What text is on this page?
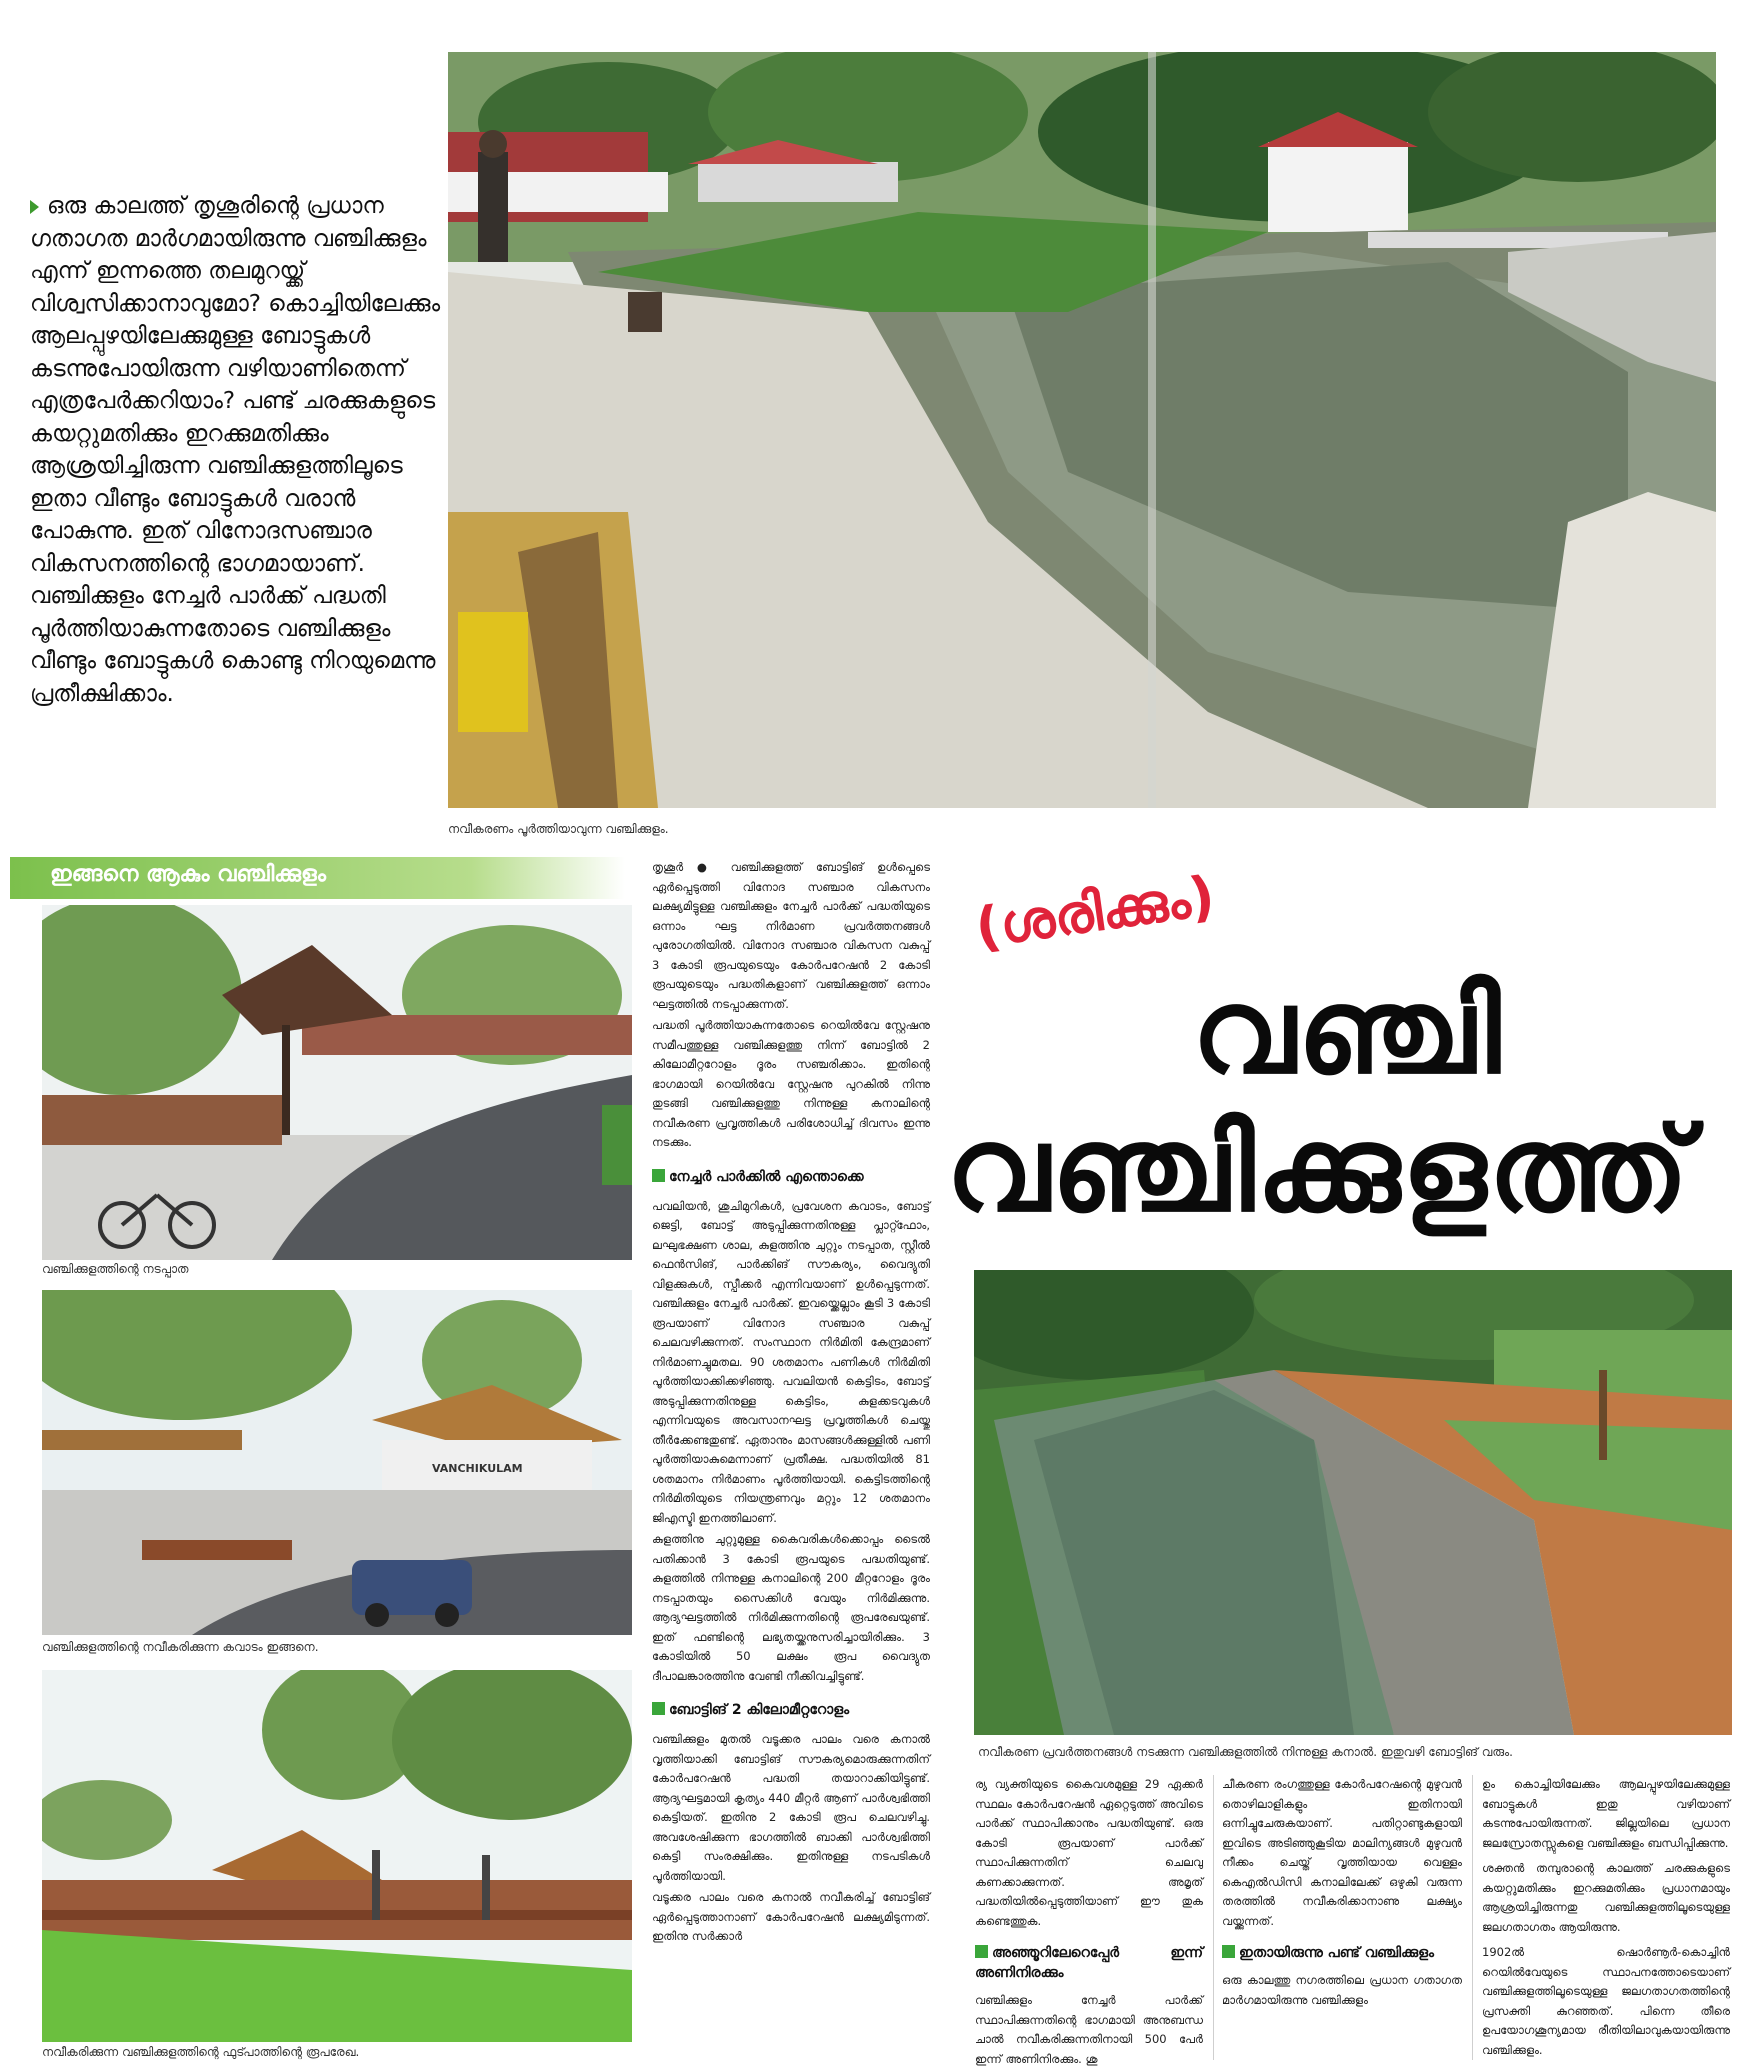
ഒരു കാലത്ത് തൃശൂരിന്റെ പ്രധാന ഗതാഗത മാർഗമായിരുന്നു വഞ്ചിക്കുളം എന്ന് ഇന്നത്തെ തലമുറയ്ക്ക് വിശ്വസിക്കാനാവുമോ? കൊച്ചിയിലേക്കും ആലപ്പുഴയിലേക്കുമുള്ള ബോട്ടുകൾ കടന്നുപോയിരുന്ന വഴിയാണിതെന്ന് എത്രപേർക്കറിയാം? പണ്ട് ചരക്കുകളുടെ കയറ്റുമതിക്കും ഇറക്കുമതിക്കും ആശ്രയിച്ചിരുന്ന വഞ്ചിക്കുളത്തിലൂടെ ഇതാ വീണ്ടും ബോട്ടുകൾ വരാൻ പോകുന്നു. ഇത് വിനോദസഞ്ചാര വികസനത്തിന്റെ ഭാഗമായാണ്. വഞ്ചിക്കുളം നേച്ചർ പാർക്ക് പദ്ധതി പൂർത്തിയാകുന്നതോടെ വഞ്ചിക്കുളം വീണ്ടും ബോട്ടുകൾ കൊണ്ടു നിറയുമെന്നു പ്രതീക്ഷിക്കാം.
നവീകരണം പൂർത്തിയാവുന്ന വഞ്ചിക്കുളം.
ഇങ്ങനെ ആകും വഞ്ചിക്കുളം
വഞ്ചിക്കുളത്തിന്റെ നടപ്പാത
VANCHIKULAM
വഞ്ചിക്കുളത്തിന്റെ നവീകരിക്കുന്ന കവാടം ഇങ്ങനെ.
നവീകരിക്കുന്ന വഞ്ചിക്കുളത്തിന്റെ ഫുട്പാത്തിന്റെ രൂപരേഖ.

തൃശൂർ ● വഞ്ചിക്കുളത്ത് ബോട്ടിങ് ഉൾപ്പെടെ ഏർപ്പെടുത്തി വിനോദ സഞ്ചാര വികസനം ലക്ഷ്യമിട്ടുള്ള വഞ്ചിക്കുളം നേച്ചർ പാർക്ക് പദ്ധതിയുടെ ഒന്നാം ഘട്ട നിർമാണ പ്രവർത്തനങ്ങൾ പുരോഗതിയിൽ. വിനോദ സഞ്ചാര വികസന വകുപ്പ് 3 കോടി രൂപയുടെയും കോർപറേഷൻ 2 കോടി രൂപയുടെയും പദ്ധതികളാണ് വഞ്ചിക്കുളത്ത് ഒന്നാം ഘട്ടത്തിൽ നടപ്പാക്കുന്നത്.

പദ്ധതി പൂർത്തിയാകുന്നതോടെ റെയിൽവേ സ്റ്റേഷനു സമീപത്തുള്ള വഞ്ചിക്കുളത്തു നിന്ന് ബോട്ടിൽ 2 കിലോമീറ്ററോളം ദൂരം സഞ്ചരിക്കാം. ഇതിന്റെ ഭാഗമായി റെയിൽവേ സ്റ്റേഷനു പുറകിൽ നിന്നു തുടങ്ങി വഞ്ചിക്കുളത്തു നിന്നുള്ള കനാലിന്റെ നവീകരണ പ്രവൃത്തികൾ പരിശോധിച്ച് ദിവസം ഇന്നു നടക്കും.

നേച്ചർ പാർക്കിൽ എന്തൊക്കെ

പവലിയൻ, ശുചിമുറികൾ, പ്രവേശന കവാടം, ബോട്ട് ജെട്ടി, ബോട്ട് അടുപ്പിക്കുന്നതിനുള്ള പ്ലാറ്റ്ഫോം, ലഘുഭക്ഷണ ശാല, കുളത്തിനു ചുറ്റും നടപ്പാത, സ്റ്റീൽ ഫെൻസിങ്, പാർക്കിങ് സൗകര്യം, വൈദ്യുതി വിളക്കുകൾ, സ്പീക്കർ എന്നിവയാണ് ഉൾപ്പെടുന്നത്. വഞ്ചിക്കുളം നേച്ചർ പാർക്ക്. ഇവയ്ക്കെല്ലാം കൂടി 3 കോടി രൂപയാണ് വിനോദ സഞ്ചാര വകുപ്പ് ചെലവഴിക്കുന്നത്. സംസ്ഥാന നിർമിതി കേന്ദ്രമാണ് നിർമാണച്ചുമതല. 90 ശതമാനം പണികൾ നിർമിതി പൂർത്തിയാക്കിക്കഴിഞ്ഞു. പവലിയൻ കെട്ടിടം, ബോട്ട് അടുപ്പിക്കുന്നതിനുള്ള കെട്ടിടം, കുളക്കടവുകൾ എന്നിവയുടെ അവസാനഘട്ട പ്രവൃത്തികൾ ചെയ്തു തീർക്കേണ്ടതുണ്ട്. ഏതാനും മാസങ്ങൾക്കുള്ളിൽ പണി പൂർത്തിയാകുമെന്നാണ് പ്രതീക്ഷ. പദ്ധതിയിൽ 81 ശതമാനം നിർമാണം പൂർത്തിയായി. കെട്ടിടത്തിന്റെ നിർമിതിയുടെ നിയന്ത്രണവും മറ്റും 12 ശതമാനം ജിഎസ്ടി ഇനത്തിലാണ്.

കുളത്തിനു ചുറ്റുമുള്ള കൈവരികൾക്കൊപ്പം ടൈൽ പതിക്കാൻ 3 കോടി രൂപയുടെ പദ്ധതിയുണ്ട്. കുളത്തിൽ നിന്നുള്ള കനാലിന്റെ 200 മീറ്ററോളം ദൂരം നടപ്പാതയും സൈക്കിൾ വേയും നിർമിക്കുന്നു. ആദ്യഘട്ടത്തിൽ നിർമിക്കുന്നതിന്റെ രൂപരേഖയുണ്ട്. ഇത് ഫണ്ടിന്റെ ലഭ്യതയ്ക്കനുസരിച്ചായിരിക്കും. 3 കോടിയിൽ 50 ലക്ഷം രൂപ വൈദ്യുത ദീപാലങ്കാരത്തിനു വേണ്ടി നീക്കിവച്ചിട്ടുണ്ട്.

ബോട്ടിങ് 2 കിലോമീറ്ററോളം

വഞ്ചിക്കുളം മുതൽ വടൂക്കര പാലം വരെ കനാൽ വൃത്തിയാക്കി ബോട്ടിങ് സൗകര്യമൊരുക്കുന്നതിന് കോർപറേഷൻ പദ്ധതി തയാറാക്കിയിട്ടുണ്ട്. ആദ്യഘട്ടമായി കൃത്യം 440 മീറ്റർ ആണ് പാർശ്വഭിത്തി കെട്ടിയത്. ഇതിനു 2 കോടി രൂപ ചെലവഴിച്ചു. അവശേഷിക്കുന്ന ഭാഗത്തിൽ ബാക്കി പാർശ്വഭിത്തി കെട്ടി സംരക്ഷിക്കും. ഇതിനുള്ള നടപടികൾ പൂർത്തിയായി.

വടൂക്കര പാലം വരെ കനാൽ നവീകരിച്ച് ബോട്ടിങ് ഏർപ്പെടുത്താനാണ് കോർപറേഷൻ ലക്ഷ്യമിടുന്നത്. ഇതിനു സർക്കാർ

(ശരിക്കും)
വഞ്ചി
വഞ്ചിക്കുളത്ത്
നവീകരണ പ്രവർത്തനങ്ങൾ നടക്കുന്ന വഞ്ചിക്കുളത്തിൽ നിന്നുള്ള കനാൽ. ഇതുവഴി ബോട്ടിങ് വരും.

ര്യ വ്യക്തിയുടെ കൈവശമുള്ള 29 ഏക്കർ സ്ഥലം കോർപറേഷൻ ഏറ്റെടുത്ത് അവിടെ പാർക്ക് സ്ഥാപിക്കാനും പദ്ധതിയുണ്ട്. ഒരു കോടി രൂപയാണ് പാർക്ക് സ്ഥാപിക്കുന്നതിന് ചെലവു കണക്കാക്കുന്നത്. അമൃത് പദ്ധതിയിൽപ്പെടുത്തിയാണ് ഈ തുക കണ്ടെത്തുക.

അഞ്ഞൂറിലേറെപ്പേർ ഇന്ന് അണിനിരക്കും

വഞ്ചിക്കുളം നേച്ചർ പാർക്ക് സ്ഥാപിക്കുന്നതിന്റെ ഭാഗമായി അനുബന്ധ ചാൽ നവീകരിക്കുന്നതിനായി 500 പേർ ഇന്ന് അണിനിരക്കും. ശു

ചീകരണ രംഗത്തുള്ള കോർപറേഷന്റെ മുഴുവൻ തൊഴിലാളികളും ഇതിനായി ഒന്നിച്ചുചേരുകയാണ്. പതിറ്റാണ്ടുകളായി ഇവിടെ അടിഞ്ഞുകൂടിയ മാലിന്യങ്ങൾ മുഴുവൻ നീക്കം ചെയ്ത് വൃത്തിയായ വെള്ളം കെഎൽഡിസി കനാലിലേക്ക് ഒഴുകി വരുന്ന തരത്തിൽ നവീകരിക്കാനാണു ലക്ഷ്യം വയ്ക്കുന്നത്.

ഇതായിരുന്നു പണ്ട് വഞ്ചിക്കുളം

ഒരു കാലത്തു നഗരത്തിലെ പ്രധാന ഗതാഗത മാർഗമായിരുന്നു വഞ്ചിക്കുളം

ഉം കൊച്ചിയിലേക്കും ആലപ്പുഴയിലേക്കുമുള്ള ബോട്ടുകൾ ഇതു വഴിയാണ് കടന്നുപോയിരുന്നത്. ജില്ലയിലെ പ്രധാന ജലസ്രോതസ്സുകളെ വഞ്ചിക്കുളം ബന്ധിപ്പിക്കുന്നു.

ശക്തൻ തമ്പുരാന്റെ കാലത്ത് ചരക്കുകളുടെ കയറ്റുമതിക്കും ഇറക്കുമതിക്കും പ്രധാനമായും ആശ്രയിച്ചിരുന്നതു വഞ്ചിക്കുളത്തിലൂടെയുള്ള ജലഗതാഗതം ആയിരുന്നു.

1902ൽ ഷൊർണൂർ-കൊച്ചിൻ റെയിൽവേയുടെ സ്ഥാപനത്തോടെയാണ് വഞ്ചിക്കുളത്തിലൂടെയുള്ള ജലഗതാഗതത്തിന്റെ പ്രസക്തി കുറഞ്ഞത്. പിന്നെ തീരെ ഉപയോഗശൂന്യമായ രീതിയിലാവുകയായിരുന്നു വഞ്ചിക്കുളം.
